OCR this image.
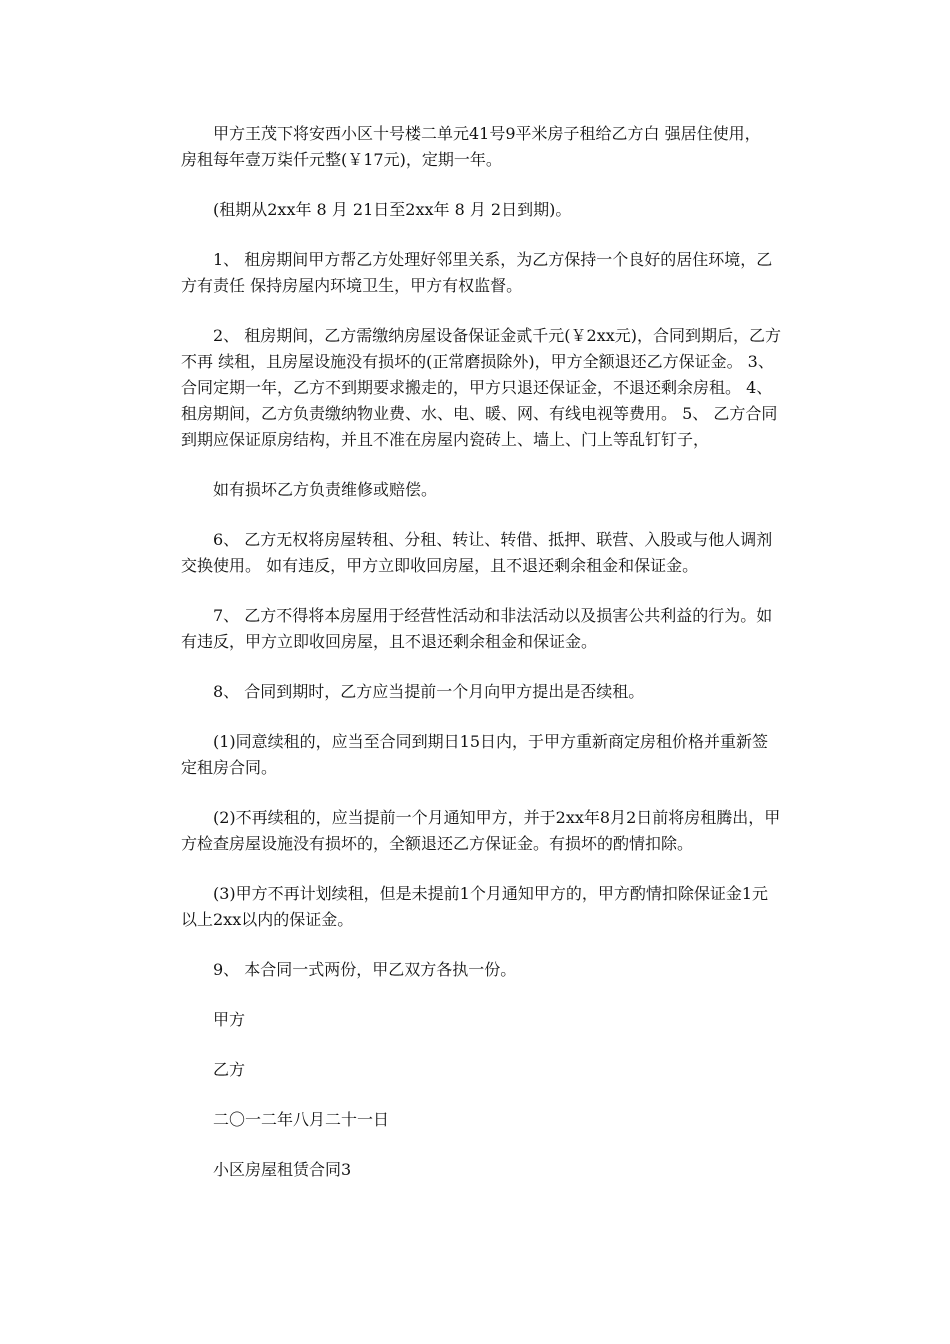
甲方王茂下将安西小区十号楼二单元41号9平米房子租给乙方白 强居住使用， 房租每年壹万柒仟元整(￥17元)，定期一年。

(租期从2xx年 8 月 21日至2xx年 8 月 2日到期)。

1、 租房期间甲方帮乙方处理好邻里关系，为乙方保持一个良好的居住环境，乙方有责任 保持房屋内环境卫生，甲方有权监督。

2、 租房期间，乙方需缴纳房屋设备保证金贰千元(￥2xx元)，合同到期后，乙方不再 续租，且房屋设施没有损坏的(正常磨损除外)，甲方全额退还乙方保证金。 3、 合同定期一年，乙方不到期要求搬走的，甲方只退还保证金，不退还剩余房租。 4、 租房期间，乙方负责缴纳物业费、水、电、暖、网、有线电视等费用。 5、 乙方合同到期应保证原房结构，并且不准在房屋内瓷砖上、墙上、门上等乱钉钉子，

如有损坏乙方负责维修或赔偿。

6、 乙方无权将房屋转租、分租、转让、转借、抵押、联营、入股或与他人调剂交换使用。 如有违反，甲方立即收回房屋，且不退还剩余租金和保证金。

7、 乙方不得将本房屋用于经营性活动和非法活动以及损害公共利益的行为。如有违反，甲方立即收回房屋，且不退还剩余租金和保证金。

8、 合同到期时，乙方应当提前一个月向甲方提出是否续租。

(1)同意续租的，应当至合同到期日15日内，于甲方重新商定房租价格并重新签定租房合同。

(2)不再续租的，应当提前一个月通知甲方，并于2xx年8月2日前将房租腾出，甲方检查房屋设施没有损坏的，全额退还乙方保证金。有损坏的酌情扣除。

(3)甲方不再计划续租，但是未提前1个月通知甲方的，甲方酌情扣除保证金1元以上2xx以内的保证金。

9、 本合同一式两份，甲乙双方各执一份。

甲方

乙方

二〇一二年八月二十一日

小区房屋租赁合同3
